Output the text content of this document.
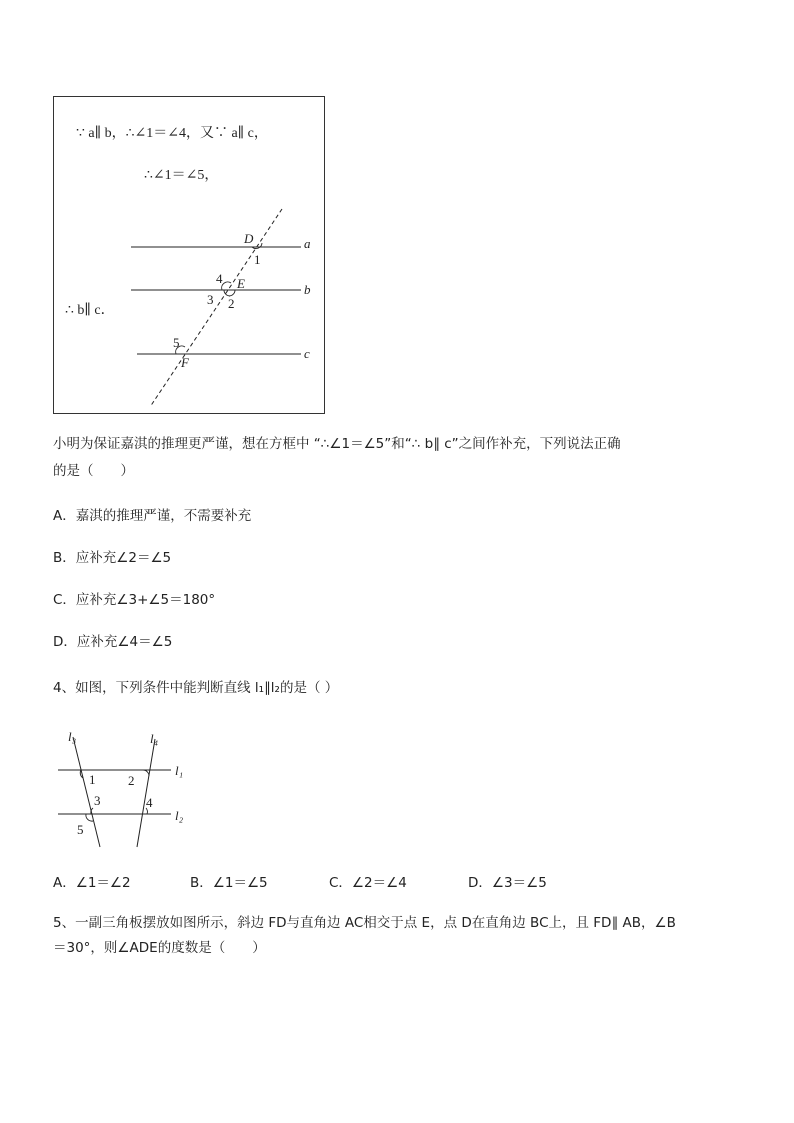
a
b
c
D
E
F
1
2
3
4
5
∵ a∥ b，∴∠1＝∠4，又∵ a∥ c，
∴∠1＝∠5，
∴ b∥ c．
小明为保证嘉淇的推理更严谨，想在方框中 “∴∠1＝∠5”和“∴ b∥ c”之间作补充，下列说法正确
的是（　　）
A．嘉淇的推理严谨，不需要补充
B．应补充∠2＝∠5
C．应补充∠3+∠5＝180°
D．应补充∠4＝∠5
4、如图，下列条件中能判断直线 l₁∥l₂的是（ ）
l₃	l₄
l₁
l₂
1	2
3	4
5
A．∠1＝∠2	B．∠1＝∠5	C．∠2＝∠4	D．∠3＝∠5
5、一副三角板摆放如图所示，斜边 FD与直角边 AC相交于点 E，点 D在直角边 BC上，且 FD∥ AB，∠B
＝30°，则∠ADE的度数是（　　）
